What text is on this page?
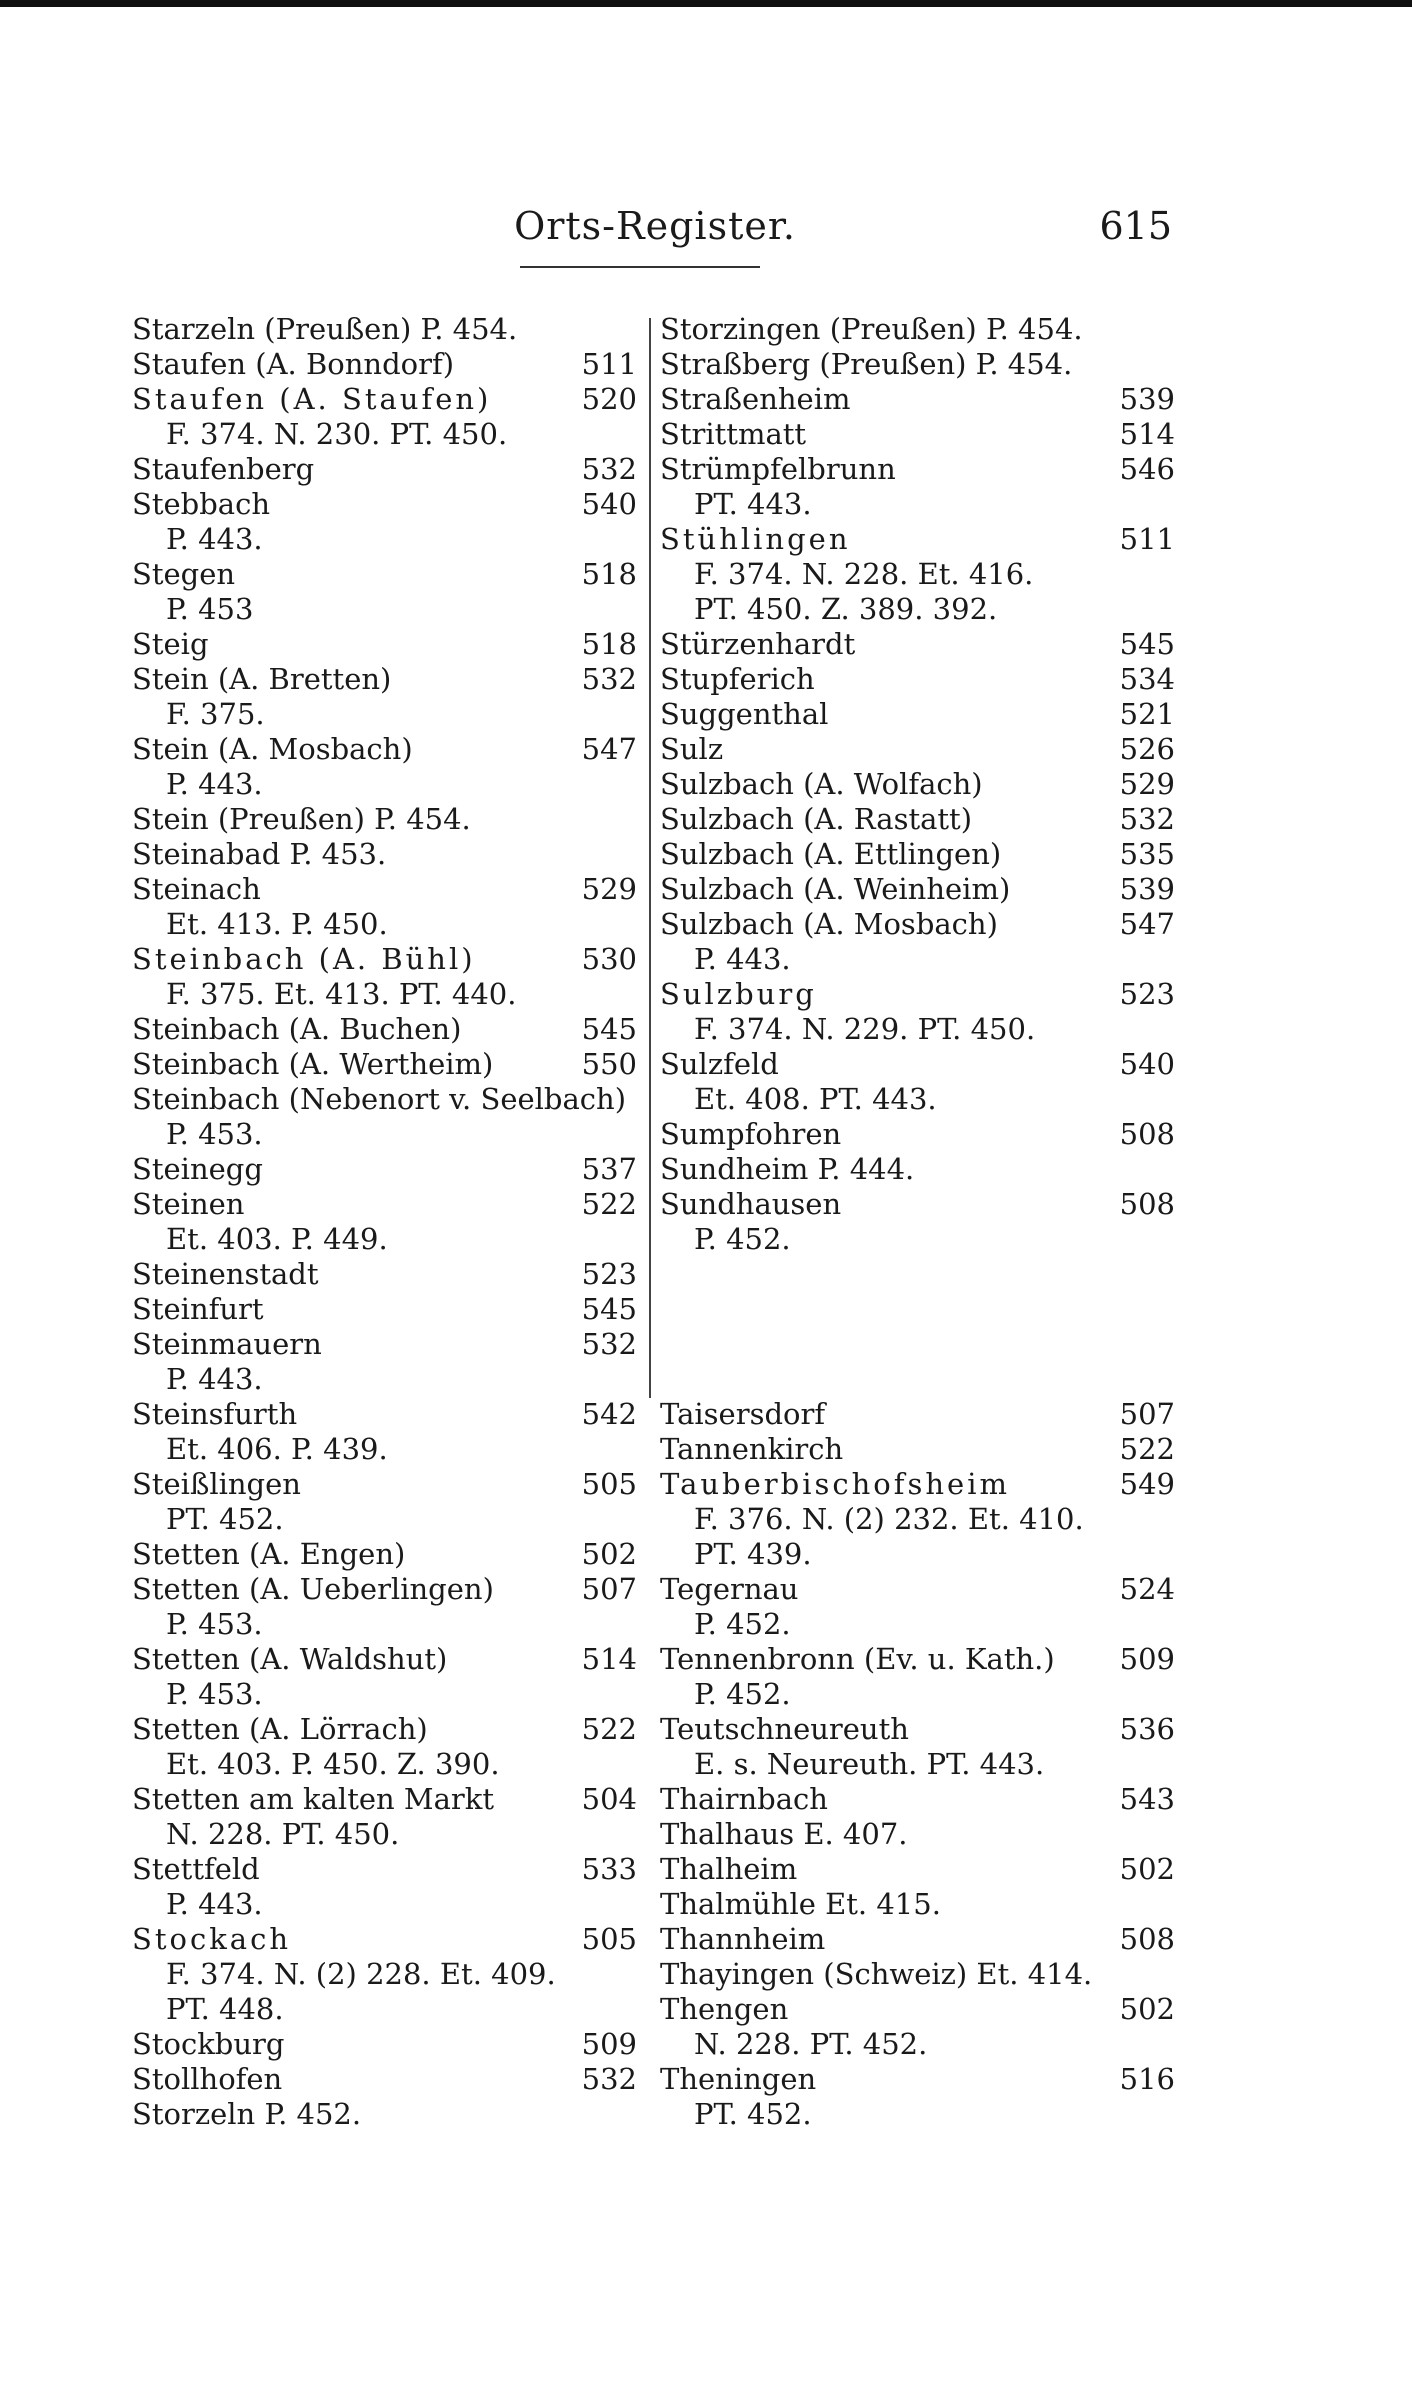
Orts-Register.	615
Starzeln (Preußen) P. 454.
Staufen (A. Bonndorf)	511
Staufen (A. Staufen)	520
F. 374. N. 230. PT. 450.
Staufenberg	532
Stebbach	540
P. 443.
Stegen	518
P. 453
Steig	518
Stein (A. Bretten)	532
F. 375.
Stein (A. Mosbach)	547
P. 443.
Stein (Preußen) P. 454.
Steinabad P. 453.
Steinach	529
Et. 413. P. 450.
Steinbach (A. Bühl)	530
F. 375. Et. 413. PT. 440.
Steinbach (A. Buchen)	545
Steinbach (A. Wertheim)	550
Steinbach (Nebenort v. Seelbach)
P. 453.
Steinegg	537
Steinen	522
Et. 403. P. 449.
Steinenstadt	523
Steinfurt	545
Steinmauern	532
P. 443.
Steinsfurth	542
Et. 406. P. 439.
Steißlingen	505
PT. 452.
Stetten (A. Engen)	502
Stetten (A. Ueberlingen)	507
P. 453.
Stetten (A. Waldshut)	514
P. 453.
Stetten (A. Lörrach)	522
Et. 403. P. 450. Z. 390.
Stetten am kalten Markt	504
N. 228. PT. 450.
Stettfeld	533
P. 443.
Stockach	505
F. 374. N. (2) 228. Et. 409.
PT. 448.
Stockburg	509
Stollhofen	532
Storzeln P. 452.
Storzingen (Preußen) P. 454.
Straßberg (Preußen) P. 454.
Straßenheim	539
Strittmatt	514
Strümpfelbrunn	546
PT. 443.
Stühlingen	511
F. 374. N. 228. Et. 416.
PT. 450. Z. 389. 392.
Stürzenhardt	545
Stupferich	534
Suggenthal	521
Sulz	526
Sulzbach (A. Wolfach)	529
Sulzbach (A. Rastatt)	532
Sulzbach (A. Ettlingen)	535
Sulzbach (A. Weinheim)	539
Sulzbach (A. Mosbach)	547
P. 443.
Sulzburg	523
F. 374. N. 229. PT. 450.
Sulzfeld	540
Et. 408. PT. 443.
Sumpfohren	508
Sundheim P. 444.
Sundhausen	508
P. 452.
Taisersdorf	507
Tannenkirch	522
Tauberbischofsheim	549
F. 376. N. (2) 232. Et. 410.
PT. 439.
Tegernau	524
P. 452.
Tennenbronn (Ev. u. Kath.)	509
P. 452.
Teutschneureuth	536
E. s. Neureuth. PT. 443.
Thairnbach	543
Thalhaus E. 407.
Thalheim	502
Thalmühle Et. 415.
Thannheim	508
Thayingen (Schweiz) Et. 414.
Thengen	502
N. 228. PT. 452.
Theningen	516
PT. 452.
